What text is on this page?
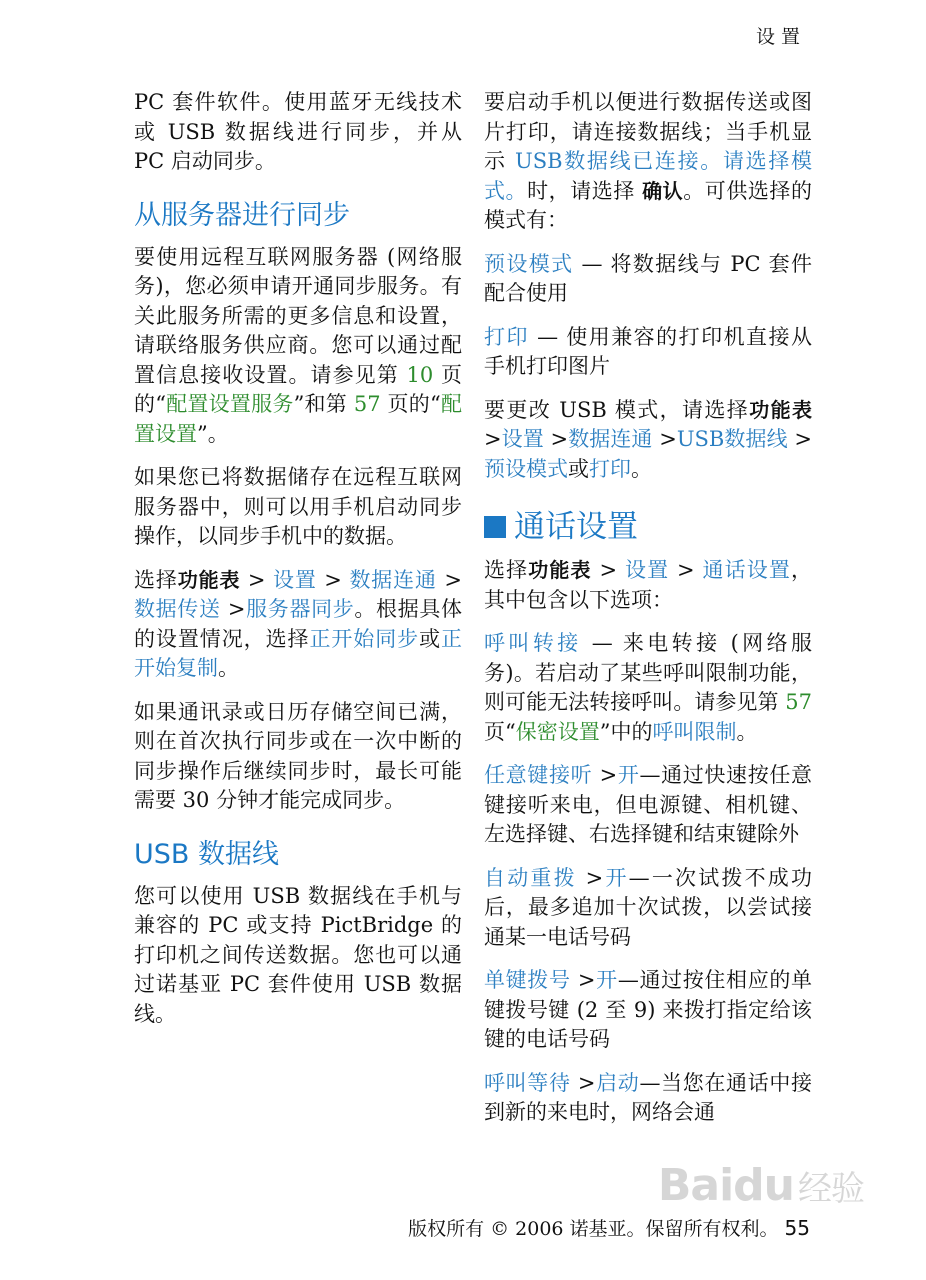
设置

PC 套件软件。使用蓝牙无线技术或 USB 数据线进行同步，并从 PC 启动同步。

从服务器进行同步

要使用远程互联网服务器 (网络服务)，您必须申请开通同步服务。有关此服务所需的更多信息和设置，请联络服务供应商。您可以通过配置信息接收设置。请参见第 10 页的“配置设置服务”和第 57 页的“配置设置”。

如果您已将数据储存在远程互联网服务器中，则可以用手机启动同步操作，以同步手机中的数据。

选择功能表 > 设置 > 数据连通 >数据传送 >服务器同步。根据具体的设置情况，选择正开始同步或正开始复制。

如果通讯录或日历存储空间已满，则在首次执行同步或在一次中断的同步操作后继续同步时，最长可能需要 30 分钟才能完成同步。

USB 数据线

您可以使用 USB 数据线在手机与兼容的 PC 或支持 PictBridge 的打印机之间传送数据。您也可以通过诺基亚 PC 套件使用 USB 数据线。

要启动手机以便进行数据传送或图片打印，请连接数据线；当手机显示 USB数据线已连接。请选择模式。时，请选择 确认。可供选择的模式有：

预设模式 — 将数据线与 PC 套件配合使用

打印 — 使用兼容的打印机直接从手机打印图片

要更改 USB 模式，请选择功能表 >设置 >数据连通 >USB数据线 >预设模式或打印。

通话设置

选择功能表 > 设置 > 通话设置，其中包含以下选项：

呼叫转接 — 来电转接 (网络服务)。若启动了某些呼叫限制功能，则可能无法转接呼叫。请参见第 57 页“保密设置”中的呼叫限制。

任意键接听 >开—通过快速按任意键接听来电，但电源键、相机键、左选择键、右选择键和结束键除外

自动重拨 >开—一次试拨不成功后，最多追加十次试拨，以尝试接通某一电话号码

单键拨号 >开—通过按住相应的单键拨号键 (2 至 9) 来拨打指定给该键的电话号码

呼叫等待 >启动—当您在通话中接到新的来电时，网络会通

Baidu 经验
版权所有 © 2006 诺基亚。保留所有权利。 55
